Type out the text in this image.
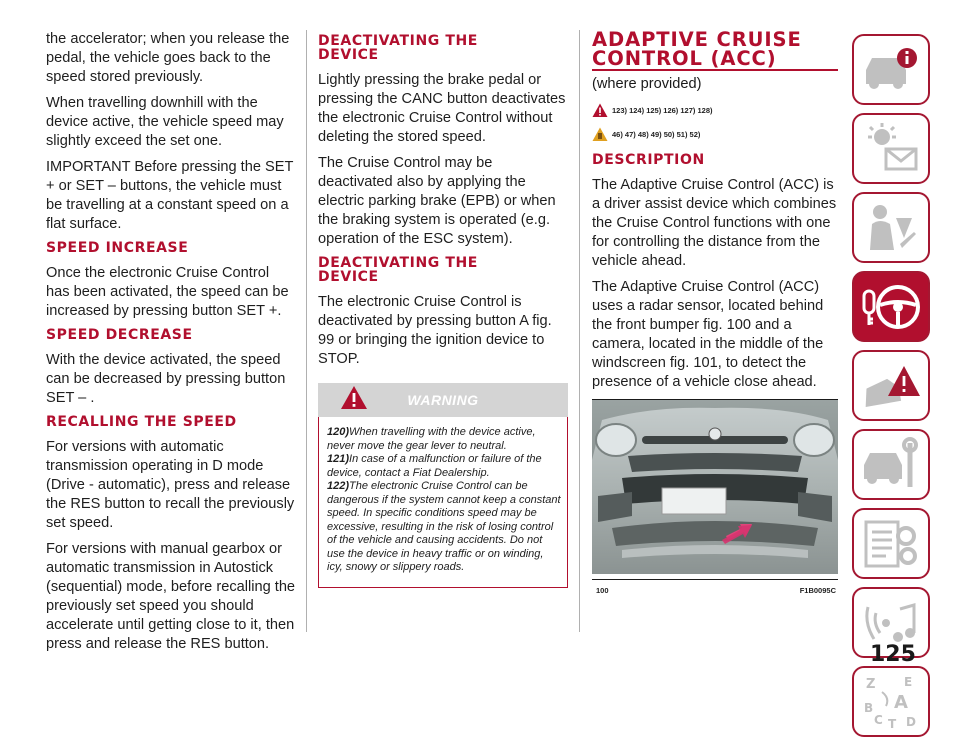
the accelerator; when you release the pedal, the vehicle goes back to the speed stored previously.

When travelling downhill with the device active, the vehicle speed may slightly exceed the set one.

IMPORTANT Before pressing the SET + or SET – buttons, the vehicle must be travelling at a constant speed on a flat surface.

SPEED INCREASE

Once the electronic Cruise Control has been activated, the speed can be increased by pressing button SET +.

SPEED DECREASE

With the device activated, the speed can be decreased by pressing button SET – .

RECALLING THE SPEED

For versions with automatic transmission operating in D mode (Drive - automatic), press and release the RES button to recall the previously set speed.

For versions with manual gearbox or automatic transmission in Autostick (sequential) mode, before recalling the previously set speed you should accelerate until getting close to it, then press and release the RES button.

DEACTIVATING THE
DEVICE

Lightly pressing the brake pedal or pressing the CANC button deactivates the electronic Cruise Control without deleting the stored speed.

The Cruise Control may be deactivated also by applying the electric parking brake (EPB) or when the braking system is operated (e.g. operation of the ESC system).

DEACTIVATING THE
DEVICE

The electronic Cruise Control is deactivated by pressing button A fig. 99 or bringing the ignition device to STOP.

WARNING

120)When travelling with the device active, never move the gear lever to neutral.

121)In case of a malfunction or failure of the device, contact a Fiat Dealership.

122)The electronic Cruise Control can be dangerous if the system cannot keep a constant speed. In specific conditions speed may be excessive, resulting in the risk of losing control of the vehicle and causing accidents. Do not use the device in heavy traffic or on winding, icy, snowy or slippery roads.

ADAPTIVE CRUISE
CONTROL (ACC)
(where provided)
123) 124) 125) 126) 127) 128)
46) 47) 48) 49) 50) 51) 52)
DESCRIPTION

The Adaptive Cruise Control (ACC) is a driver assist device which combines the Cruise Control functions with one for controlling the distance from the vehicle ahead.

The Adaptive Cruise Control (ACC) uses a radar sensor, located behind the front bumper fig. 100 and a camera, located in the middle of the windscreen fig. 101, to detect the presence of a vehicle close ahead.

100	F1B0095C
Z E
B A
C T D
125
